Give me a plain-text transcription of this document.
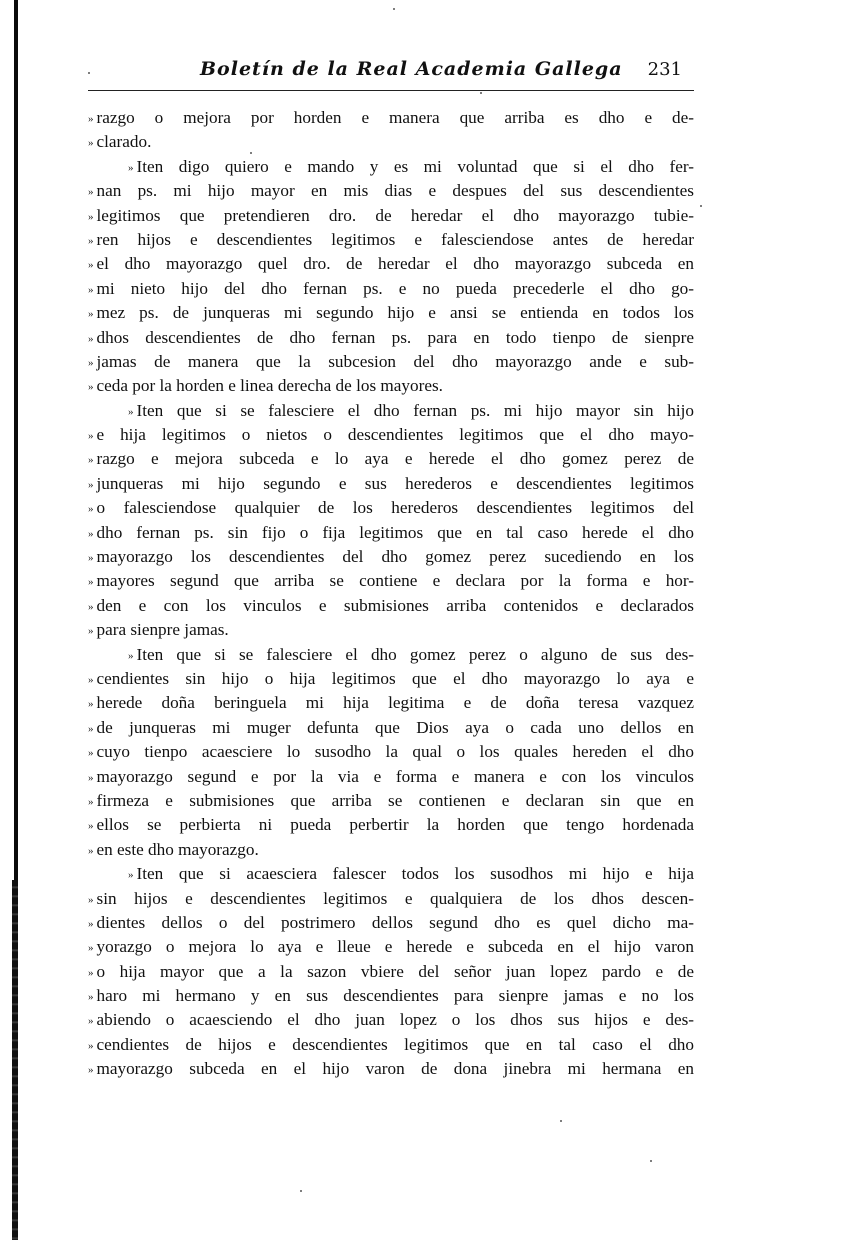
Boletín de la Real Academia Gallega 231
» razgo o mejora por horden e manera que arriba es dho e de-
» clarado.
» Iten digo quiero e mando y es mi voluntad que si el dho fer-
» nan ps. mi hijo mayor en mis dias e despues del sus descendientes
» legitimos que pretendieren dro. de heredar el dho mayorazgo tubie-
» ren hijos e descendientes legitimos e falesciendose antes de heredar
» el dho mayorazgo quel dro. de heredar el dho mayorazgo subceda en
» mi nieto hijo del dho fernan ps. e no pueda precederle el dho go-
» mez ps. de junqueras mi segundo hijo e ansi se entienda en todos los
» dhos descendientes de dho fernan ps. para en todo tienpo de sienpre
» jamas de manera que la subcesion del dho mayorazgo ande e sub-
» ceda por la horden e linea derecha de los mayores.
» Iten que si se falesciere el dho fernan ps. mi hijo mayor sin hijo
» e hija legitimos o nietos o descendientes legitimos que el dho mayo-
» razgo e mejora subceda e lo aya e herede el dho gomez perez de
» junqueras mi hijo segundo e sus herederos e descendientes legitimos
» o falesciendose qualquier de los herederos descendientes legitimos del
» dho fernan ps. sin fijo o fija legitimos que en tal caso herede el dho
» mayorazgo los descendientes del dho gomez perez sucediendo en los
» mayores segund que arriba se contiene e declara por la forma e hor-
» den e con los vinculos e submisiones arriba contenidos e declarados
» para sienpre jamas.
» Iten que si se falesciere el dho gomez perez o alguno de sus des-
» cendientes sin hijo o hija legitimos que el dho mayorazgo lo aya e
» herede doña beringuela mi hija legitima e de doña teresa vazquez
» de junqueras mi muger defunta que Dios aya o cada uno dellos en
» cuyo tienpo acaesciere lo susodho la qual o los quales hereden el dho
» mayorazgo segund e por la via e forma e manera e con los vinculos
» firmeza e submisiones que arriba se contienen e declaran sin que en
» ellos se perbierta ni pueda perbertir la horden que tengo hordenada
» en este dho mayorazgo.
» Iten que si acaesciera falescer todos los susodhos mi hijo e hija
» sin hijos e descendientes legitimos e qualquiera de los dhos descen-
» dientes dellos o del postrimero dellos segund dho es quel dicho ma-
» yorazgo o mejora lo aya e lleue e herede e subceda en el hijo varon
» o hija mayor que a la sazon vbiere del señor juan lopez pardo e de
» haro mi hermano y en sus descendientes para sienpre jamas e no los
» abiendo o acaesciendo el dho juan lopez o los dhos sus hijos e des-
» cendientes de hijos e descendientes legitimos que en tal caso el dho
» mayorazgo subceda en el hijo varon de dona jinebra mi hermana en
